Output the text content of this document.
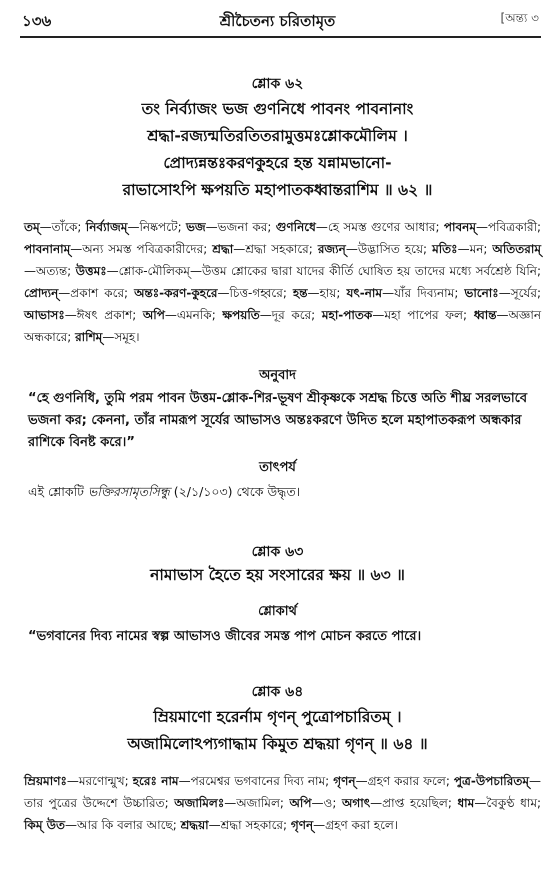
১৩৬	শ্রীচৈতন্য চরিতামৃত	[অন্ত্য ৩
শ্লোক ৬২
তং নির্ব্যাজং ভজ গুণনিধে পাবনং পাবনানাং
শ্রদ্ধা-রজ্যন্মতিরতিতরামুত্তমঃশ্লোকমৌলিম ।
প্রোদ্যন্নন্তঃকরণকুহরে হন্ত যন্নামভানো-
রাভাসোঽপি ক্ষপয়তি মহাপাতকধ্বান্তরাশিম ॥ ৬২ ॥
তম্—তাঁকে; নির্ব্যাজম্—নিষ্কপটে; ভজ—ভজনা কর; গুণনিধে—হে সমস্ত গুণের আধার; পাবনম্—পবিত্রকারী; পাবনানাম্—অন্য সমস্ত পবিত্রকারীদের; শ্রদ্ধা—শ্রদ্ধা সহকারে; রজ্যন্—উদ্ভাসিত হয়ে; মতিঃ—মন; অতিতরাম্—অত্যন্ত; উত্তমঃ—শ্লোক-মৌলিকম্‌—উত্তম শ্লোকের দ্বারা যাদের কীর্তি ঘোষিত হয় তাদের মধ্যে সর্বশ্রেষ্ঠ যিনি; প্রোদ্যন্—প্রকাশ করে; অন্তঃ-করণ-কুহরে—চিত্ত-গহ্বরে; হন্ত—হায়; যৎ-নাম—যাঁর দিব্যনাম; ভানোঃ—সূর্যের; আভাসঃ—ঈষৎ প্রকাশ; অপি—এমনকি; ক্ষপয়তি—দূর করে; মহা-পাতক—মহা পাপের ফল; ধ্বান্ত—অজ্ঞান অন্ধকারে; রাশিম্—সমূহ।
অনুবাদ
“হে গুণনিধি, তুমি পরম পাবন উত্তম-শ্লোক-শির-ভূষণ শ্রীকৃষ্ণকে সশ্রদ্ধ চিত্তে অতি শীঘ্র সরলভাবে ভজনা কর; কেননা, তাঁর নামরূপ সূর্যের আভাসও অন্তঃকরণে উদিত হলে মহাপাতকরূপ অন্ধকার রাশিকে বিনষ্ট করে।”
তাৎপর্য
এই শ্লোকটি ভক্তিরসামৃতসিন্ধু (২/১/১০৩) থেকে উদ্ধৃত।
শ্লোক ৬৩
নামাভাস হৈতে হয় সংসারের ক্ষয় ॥ ৬৩ ॥
শ্লোকার্থ
“ভগবানের দিব্য নামের স্বল্প আভাসও জীবের সমস্ত পাপ মোচন করতে পারে।
শ্লোক ৬৪
ম্রিয়মাণো হরের্নাম গৃণন্ পুত্রোপচারিতম্ ।
অজামিলোঽপ্যগাদ্ধাম কিমুত শ্রদ্ধয়া গৃণন্ ॥ ৬৪ ॥
ম্রিয়মাণঃ—মরণোন্মুখ; হরেঃ নাম—পরমেশ্বর ভগবানের দিব্য নাম; গৃণন্—গ্রহণ করার ফলে; পুত্র-উপচারিতম্—তার পুত্রের উদ্দেশে উচ্চারিত; অজামিলঃ—অজামিল; অপি—ও; অগাৎ—প্রাপ্ত হয়েছিল; ধাম—বৈকুণ্ঠ ধাম; কিম্ উত—আর কি বলার আছে; শ্রদ্ধয়া—শ্রদ্ধা সহকারে; গৃণন্—গ্রহণ করা হলে।
